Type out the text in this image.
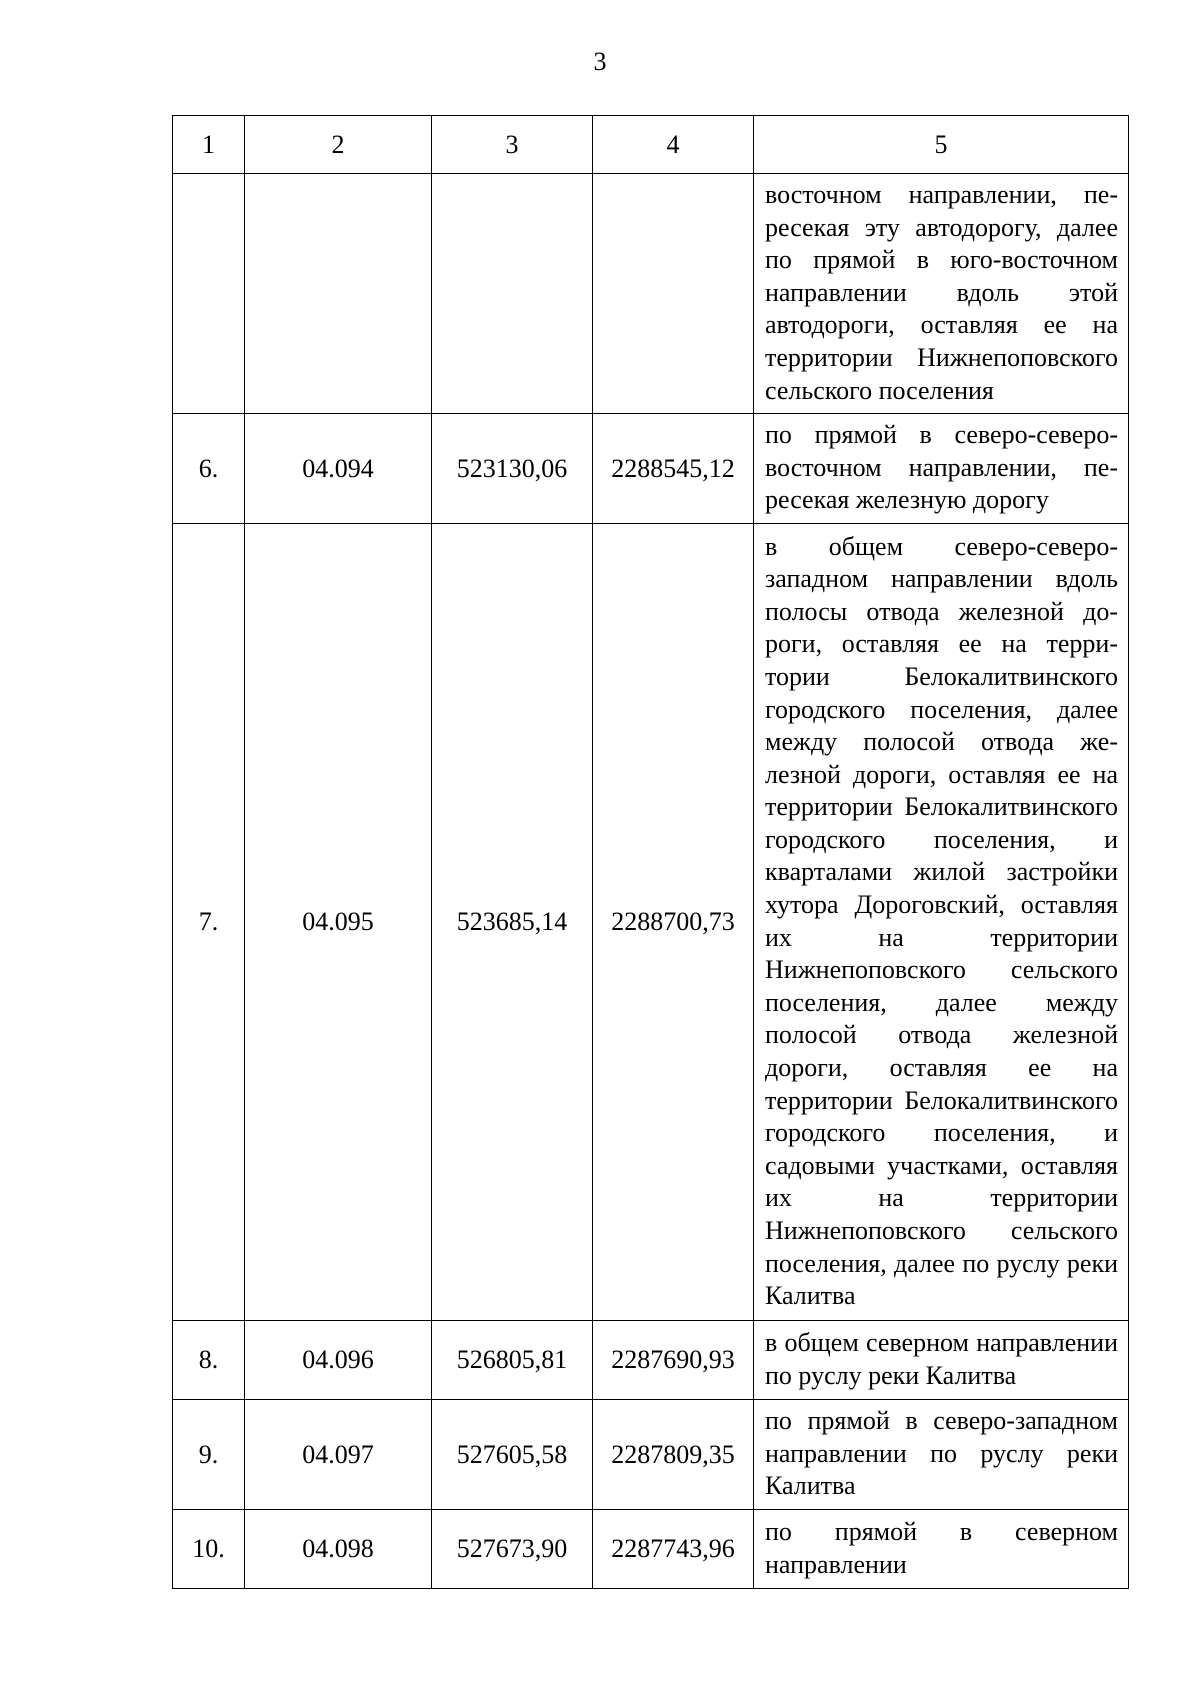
3
1	2	3	4	5
				восточном направлении, пересекая эту автодорогу, далее по прямой в юго-восточном направлении вдоль этой автодороги, оставляя ее на территории Нижнепоповского сельского поселения
6.	04.094	523130,06	2288545,12	по прямой в северо-северовосточном направлении, пересекая железную дорогу
7.	04.095	523685,14	2288700,73	в общем северо-северозападном направлении вдоль полосы отвода железной дороги, оставляя ее на территории Белокалитвинского городского поселения, далее между полосой отвода железной дороги, оставляя ее на территории Белокалитвинского городского поселения, и кварталами жилой застройки хутора Дороговский, оставляя их на территории Нижнепоповского сельского поселения, далее между полосой отвода железной дороги, оставляя ее на территории Белокалитвинского городского поселения, и садовыми участками, оставляя их на территории Нижнепоповского сельского поселения, далее по руслу реки Калитва
8.	04.096	526805,81	2287690,93	в общем северном направлении по руслу реки Калитва
9.	04.097	527605,58	2287809,35	по прямой в северо-западном направлении по руслу реки Калитва
10.	04.098	527673,90	2287743,96	по прямой в северном направлении
